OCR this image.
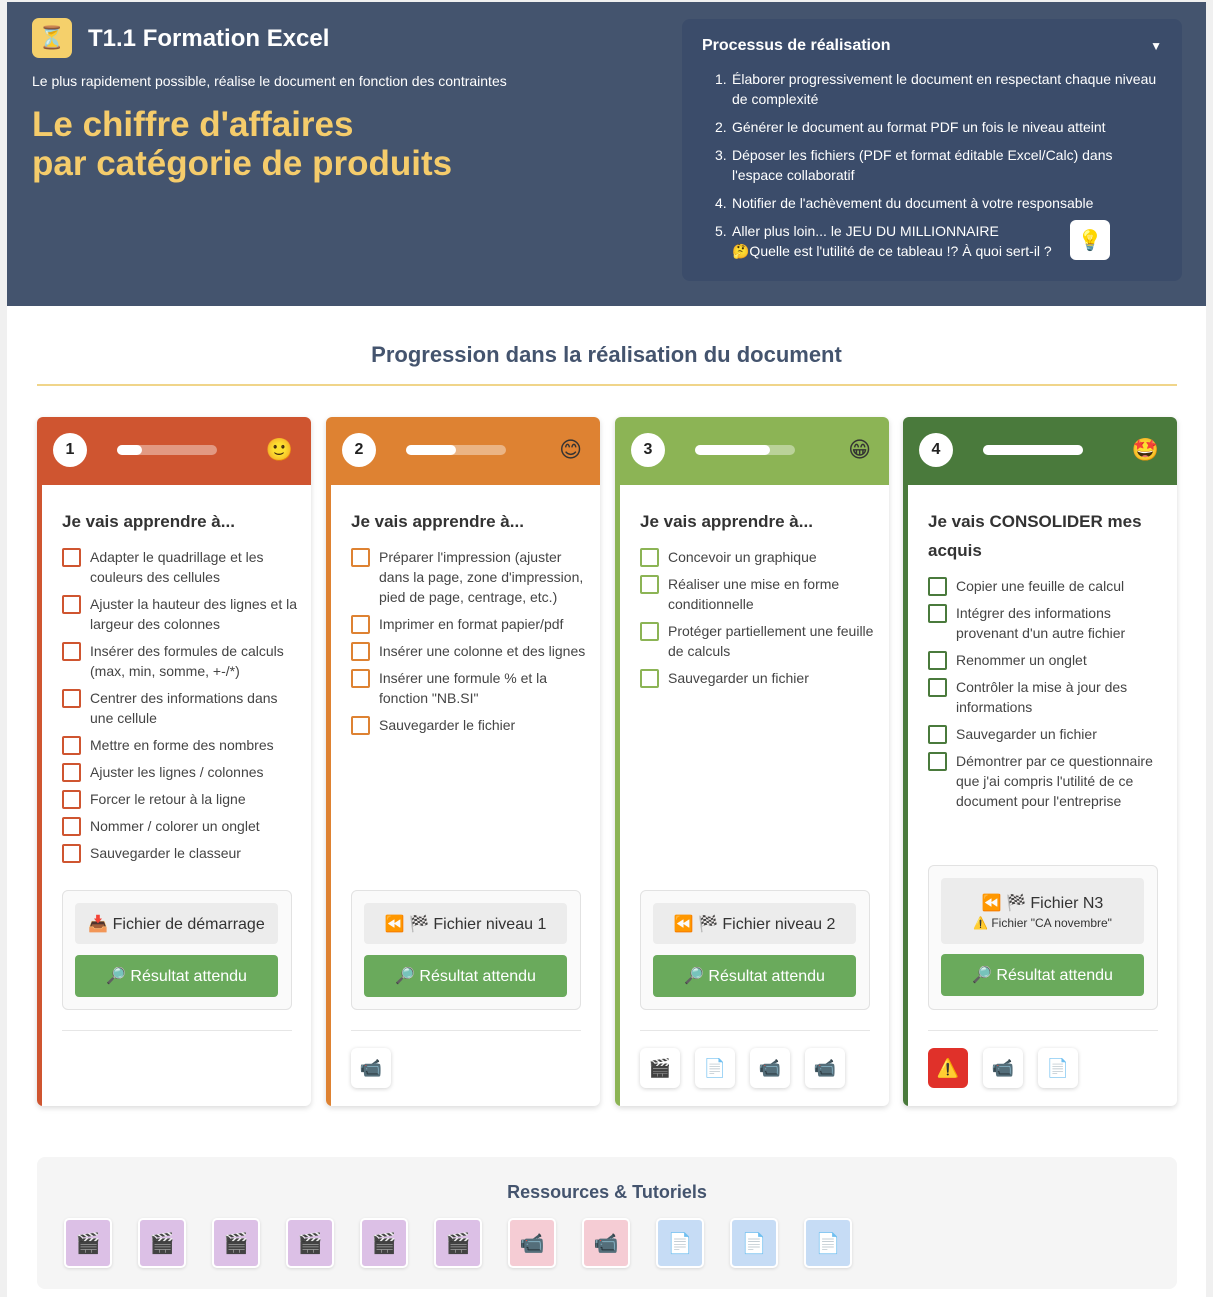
⏳ T1.1 Formation Excel
Le plus rapidement possible, réalise le document en fonction des contraintes
Le chiffre d'affaires
par catégorie de produits
Processus de réalisation	▼
1. Élaborer progressivement le document en respectant chaque niveau de complexité
2. Générer le document au format PDF un fois le niveau atteint
3. Déposer les fichiers (PDF et format éditable Excel/Calc) dans l'espace collaboratif
4. Notifier de l'achèvement du document à votre responsable
5. Aller plus loin... le JEU DU MILLIONNAIRE
🤔Quelle est l'utilité de ce tableau !? À quoi sert-il ?	💡
Progression dans la réalisation du document
1	🙂
Je vais apprendre à...
Adapter le quadrillage et les couleurs des cellules
Ajuster la hauteur des lignes et la largeur des colonnes
Insérer des formules de calculs (max, min, somme, +-/*)
Centrer des informations dans une cellule
Mettre en forme des nombres
Ajuster les lignes / colonnes
Forcer le retour à la ligne
Nommer / colorer un onglet
Sauvegarder le classeur
📥 Fichier de démarrage
🔎 Résultat attendu
2	😊
Je vais apprendre à...
Préparer l'impression (ajuster dans la page, zone d'impression, pied de page, centrage, etc.)
Imprimer en format papier/pdf
Insérer une colonne et des lignes
Insérer une formule % et la fonction "NB.SI"
Sauvegarder le fichier
⏪ 🏁 Fichier niveau 1
🔎 Résultat attendu
📹
3	😁
Je vais apprendre à...
Concevoir un graphique
Réaliser une mise en forme conditionnelle
Protéger partiellement une feuille de calculs
Sauvegarder un fichier
⏪ 🏁 Fichier niveau 2
🔎 Résultat attendu
🎬	📄	📹	📹
4	🤩
Je vais CONSOLIDER mes acquis
Copier une feuille de calcul
Intégrer des informations provenant d'un autre fichier
Renommer un onglet
Contrôler la mise à jour des informations
Sauvegarder un fichier
Démontrer par ce questionnaire que j'ai compris l'utilité de ce document pour l'entreprise
⏪ 🏁 Fichier N3
⚠️ Fichier "CA novembre"
🔎 Résultat attendu
⚠️	📹	📄
Ressources & Tutoriels
🎬	🎬	🎬	🎬	🎬	🎬	📹	📹	📄	📄	📄
